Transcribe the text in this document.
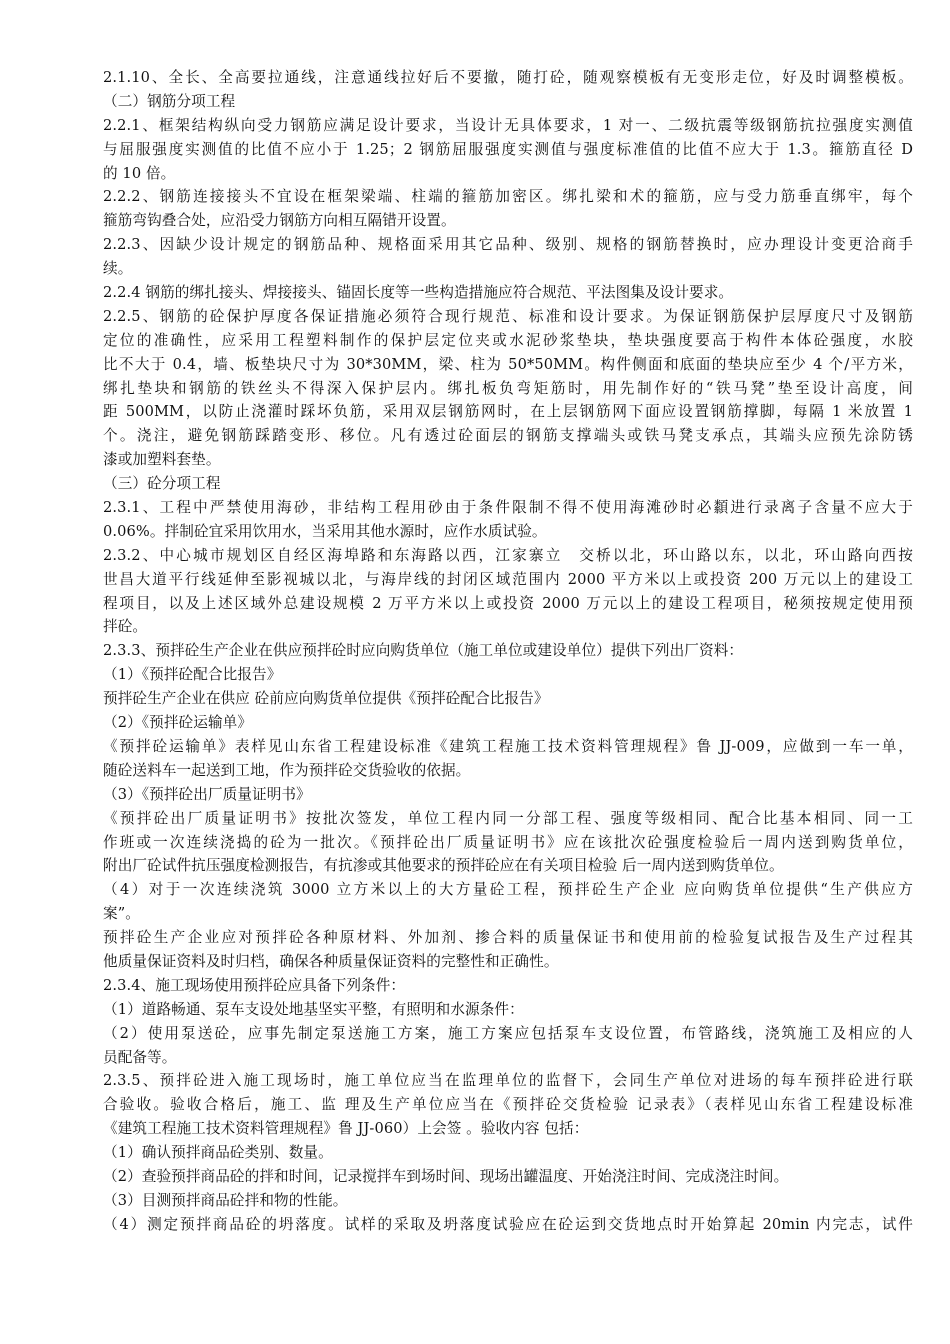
2.1.10、全长、全高要拉通线，注意通线拉好后不要撤，随打砼，随观察模板有无变形走位，好及时调整模板。
（二）钢筋分项工程
2.2.1、框架结构纵向受力钢筋应满足设计要求，当设计无具体要求，1 对一、二级抗震等级钢筋抗拉强度实测值
与屈服强度实测值的比值不应小于 1.25；2 钢筋屈服强度实测值与强度标准值的比值不应大于 1.3。箍筋直径 D
的 10 倍。
2.2.2、钢筋连接接头不宜设在框架梁端、柱端的箍筋加密区。绑扎梁和术的箍筋，应与受力筋垂直绑牢，每个
箍筋弯钩叠合处，应沿受力钢筋方向相互隔错开设置。
2.2.3、因缺少设计规定的钢筋品种、规格面采用其它品种、级别、规格的钢筋替换时，应办理设计变更洽商手
续。
2.2.4 钢筋的绑扎接头、焊接接头、锚固长度等一些构造措施应符合规范、平法图集及设计要求。
2.2.5、钢筋的砼保护厚度各保证措施必须符合现行规范、标准和设计要求。为保证钢筋保护层厚度尺寸及钢筋
定位的准确性，应采用工程塑料制作的保护层定位夹或水泥砂浆垫块，垫块强度要高于构件本体砼强度，水胶
比不大于 0.4，墙、板垫块尺寸为 30*30MM，梁、柱为 50*50MM。构件侧面和底面的垫块应至少 4 个/平方米，
绑扎垫块和钢筋的铁丝头不得深入保护层内。绑扎板负弯矩筋时，用先制作好的“铁马凳”垫至设计高度，间
距 500MM，以防止浇灌时踩坏负筋，采用双层钢筋网时，在上层钢筋网下面应设置钢筋撑脚，每隔 1 米放置 1
个。浇注，避免钢筋踩踏变形、移位。凡有透过砼面层的钢筋支撑端头或铁马凳支承点，其端头应预先涂防锈
漆或加塑料套垫。
（三）砼分项工程
2.3.1、工程中严禁使用海砂，非结构工程用砂由于条件限制不得不使用海滩砂时必纇进行录离子含量不应大于
0.06%。拌制砼宜采用饮用水，当采用其他水源时，应作水质试验。
2.3.2、中心城市规划区自经区海埠路和东海路以西，江家寨立　交桥以北，环山路以东，以北，环山路向西按
世昌大道平行线延伸至影视城以北，与海岸线的封闭区域范围内 2000 平方米以上或投资 200 万元以上的建设工
程项目，以及上述区域外总建设规模 2 万平方米以上或投资 2000 万元以上的建设工程项目，秘须按规定使用预
拌砼。
2.3.3、预拌砼生产企业在供应预拌砼时应向购货单位（施工单位或建设单位）提供下列出厂资料：
（1）《预拌砼配合比报告》
预拌砼生产企业在供应 砼前应向购货单位提供《预拌砼配合比报告》
（2）《预拌砼运输单》
《预拌砼运输单》表样见山东省工程建设标准《建筑工程施工技术资料管理规程》鲁 JJ-009，应做到一车一单，
随砼送料车一起送到工地，作为预拌砼交货验收的依据。
（3）《预拌砼出厂质量证明书》
《预拌砼出厂质量证明书》按批次签发，单位工程内同一分部工程、强度等级相同、配合比基本相同、同一工
作班或一次连续浇捣的砼为一批次。《预拌砼出厂质量证明书》应在该批次砼强度检验后一周内送到购货单位，
附出厂砼试件抗压强度检测报告，有抗渗或其他要求的预拌砼应在有关项目检验 后一周内送到购货单位。
（4）对于一次连续浇筑 3000 立方米以上的大方量砼工程，预拌砼生产企业 应向购货单位提供“生产供应方
案”。
预拌砼生产企业应对预拌砼各种原材料、外加剂、掺合料的质量保证书和使用前的检验复试报告及生产过程其
他质量保证资料及时归档，确保各种质量保证资料的完整性和正确性。
2.3.4、施工现场使用预拌砼应具备下列条件：
（1）道路畅通、泵车支设处地基坚实平整，有照明和水源条件：
（2）使用泵送砼，应事先制定泵送施工方案，施工方案应包括泵车支设位置，布管路线，浇筑施工及相应的人
员配备等。
2.3.5、预拌砼进入施工现场时，施工单位应当在监理单位的监督下，会同生产单位对进场的每车预拌砼进行联
合验收。验收合格后，施工、监 理及生产单位应当在《预拌砼交货检验 记录表》（表样见山东省工程建设标准
《建筑工程施工技术资料管理规程》鲁 JJ-060）上会签 。验收内容 包括：
（1）确认预拌商品砼类别、数量。
（2）查验预拌商品砼的拌和时间，记录搅拌车到场时间、现场出罐温度、开始浇注时间、完成浇注时间。
（3）目测预拌商品砼拌和物的性能。
（4）测定预拌商品砼的坍落度。试样的采取及坍落度试验应在砼运到交货地点时开始算起 20min 内完志，试件
